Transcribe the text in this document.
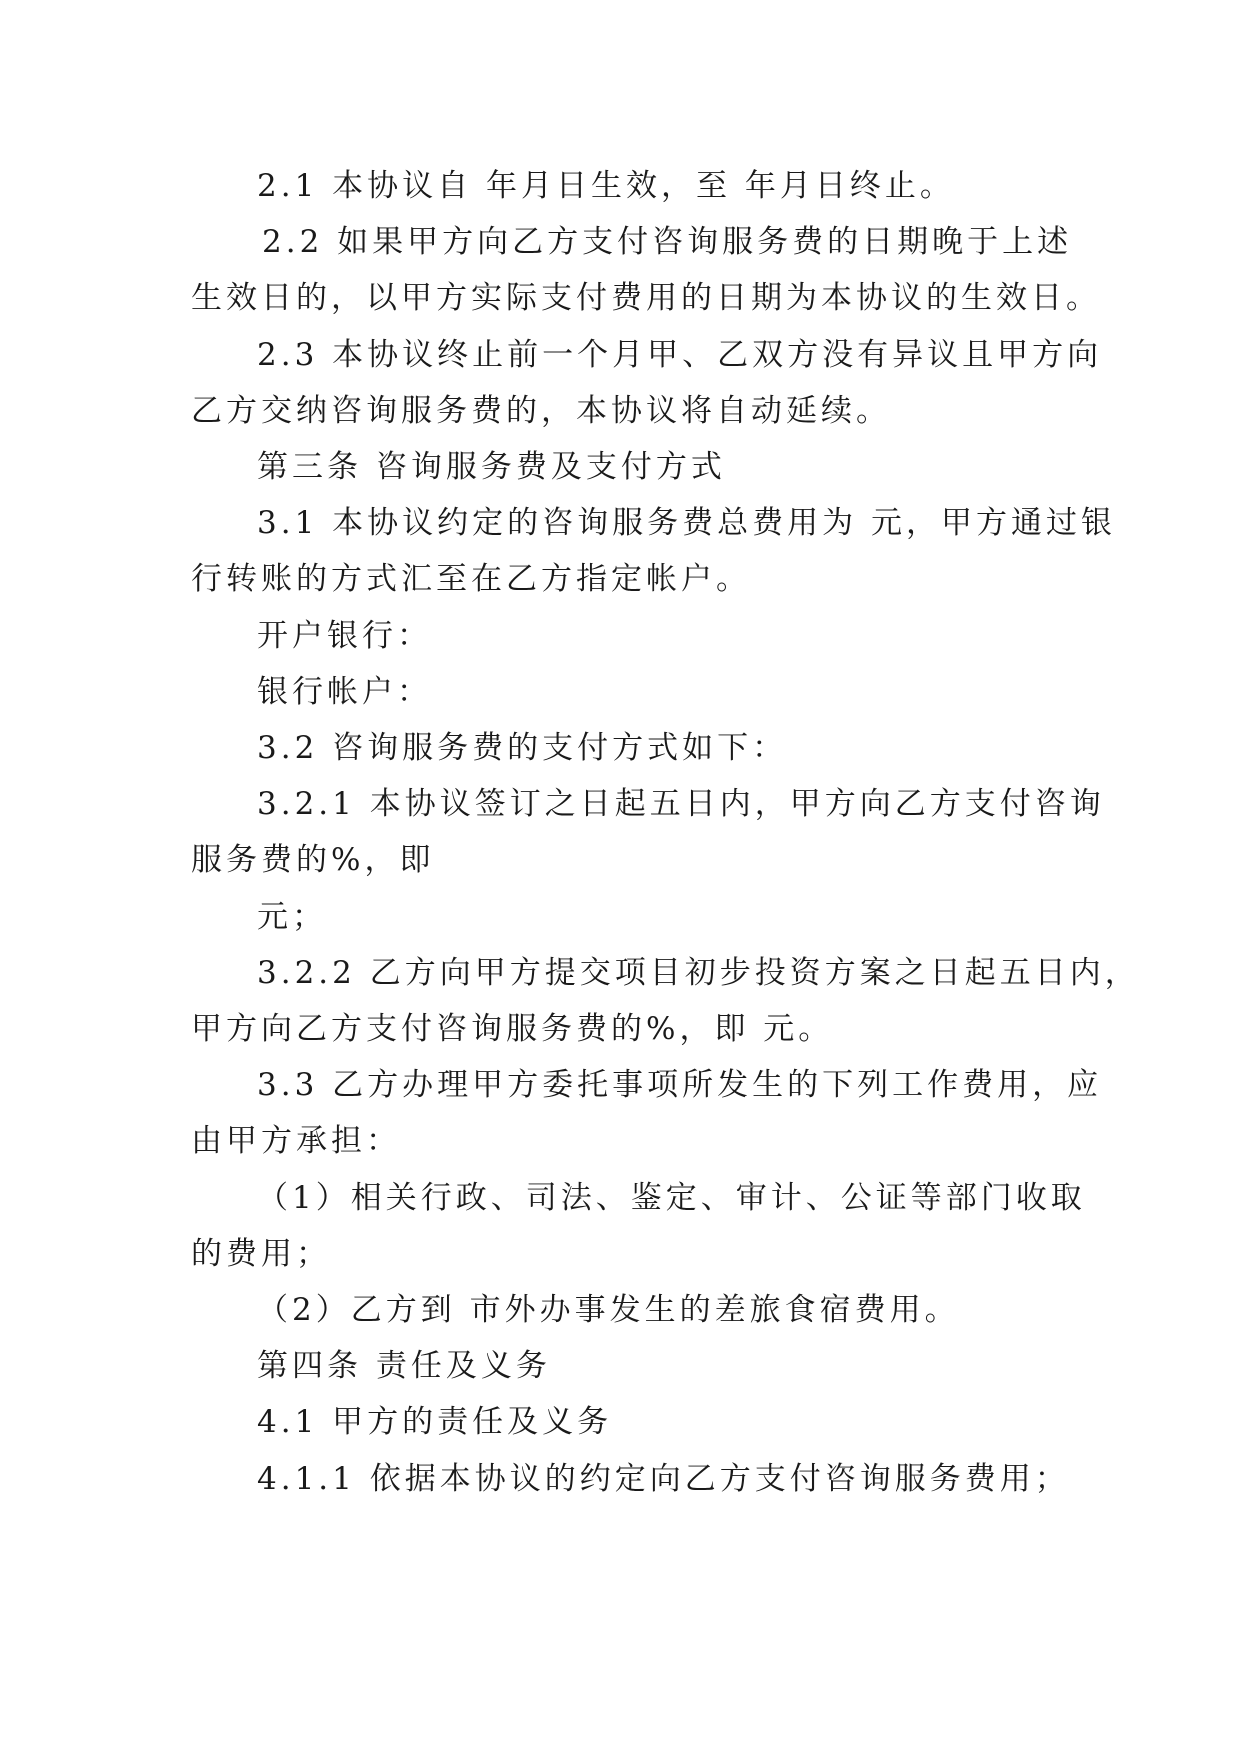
2.1 本协议自 年月日生效，至 年月日终止。
2.2 如果甲方向乙方支付咨询服务费的日期晚于上述
生效日的，以甲方实际支付费用的日期为本协议的生效日。
2.3 本协议终止前一个月甲、乙双方没有异议且甲方向
乙方交纳咨询服务费的，本协议将自动延续。
第三条 咨询服务费及支付方式
3.1 本协议约定的咨询服务费总费用为 元，甲方通过银
行转账的方式汇至在乙方指定帐户。
开户银行：
银行帐户：
3.2 咨询服务费的支付方式如下：
3.2.1 本协议签订之日起五日内，甲方向乙方支付咨询
服务费的%，即
元；
3.2.2 乙方向甲方提交项目初步投资方案之日起五日内，
甲方向乙方支付咨询服务费的%，即 元。
3.3 乙方办理甲方委托事项所发生的下列工作费用，应
由甲方承担：
（1）相关行政、司法、鉴定、审计、公证等部门收取
的费用；
（2）乙方到 市外办事发生的差旅食宿费用。
第四条 责任及义务
4.1 甲方的责任及义务
4.1.1 依据本协议的约定向乙方支付咨询服务费用；
